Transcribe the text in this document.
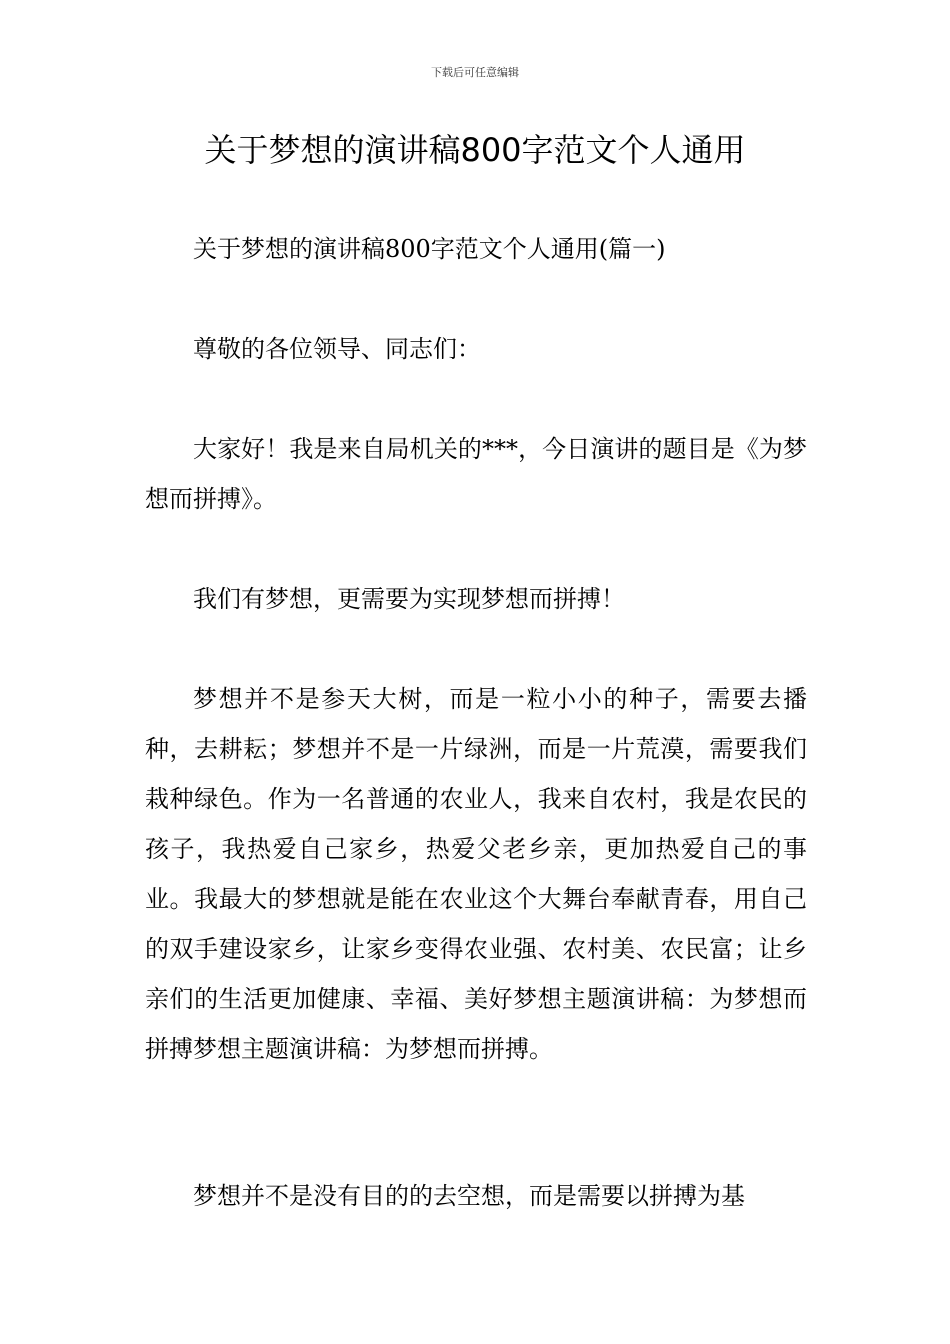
下载后可任意编辑
关于梦想的演讲稿800字范文个人通用

关于梦想的演讲稿800字范文个人通用(篇一)

尊敬的各位领导、同志们：

大家好！我是来自局机关的***，今日演讲的题目是《为梦想而拼搏》。

我们有梦想，更需要为实现梦想而拼搏！

梦想并不是参天大树，而是一粒小小的种子，需要去播种，去耕耘；梦想并不是一片绿洲，而是一片荒漠，需要我们栽种绿色。作为一名普通的农业人，我来自农村，我是农民的孩子，我热爱自己家乡，热爱父老乡亲，更加热爱自己的事业。我最大的梦想就是能在农业这个大舞台奉献青春，用自己的双手建设家乡，让家乡变得农业强、农村美、农民富；让乡亲们的生活更加健康、幸福、美好梦想主题演讲稿：为梦想而拼搏梦想主题演讲稿：为梦想而拼搏。

梦想并不是没有目的的去空想，而是需要以拼搏为基
